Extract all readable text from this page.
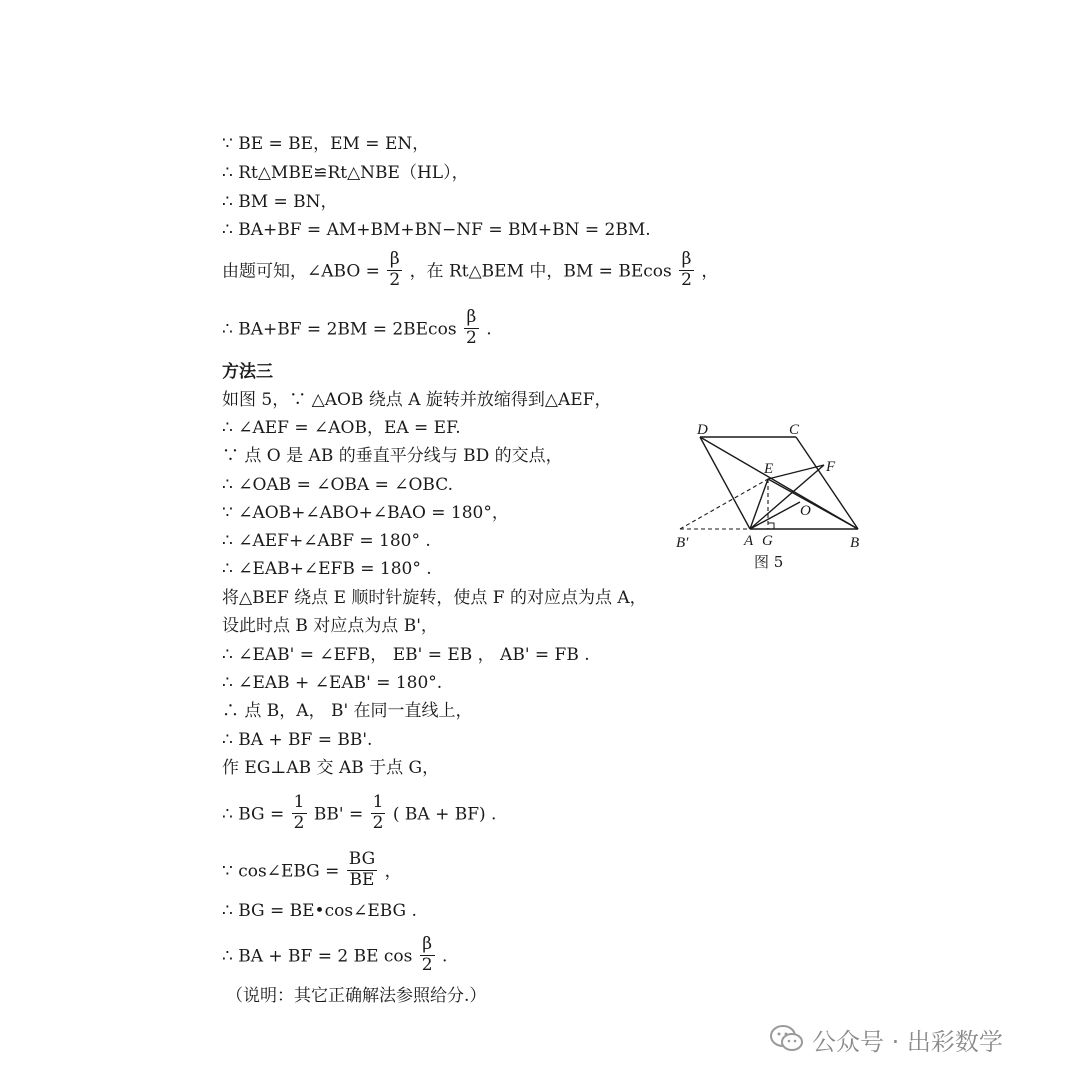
∵ BE = BE，EM = EN，
∴ Rt△MBE≌Rt△NBE（HL），
∴ BM = BN，
∴ BA+BF = AM+BM+BN−NF = BM+BN = 2BM.
由题可知，∠ABO = $\frac{\beta}{2}$ ，在 Rt△BEM 中，BM = BEcos $\frac{\beta}{2}$ ，
∴ $BA+BF = 2BM = 2BEcos \frac{\beta}{2}$ .
方法三
如图 5，∵ △AOB 绕点 A 旋转并放缩得到△AEF，
∴ ∠AEF = ∠AOB，EA = EF.
∵ 点 O 是 AB 的垂直平分线与 BD 的交点，
∴ ∠OAB = ∠OBA = ∠OBC.
∵ ∠AOB+∠ABO+∠BAO = 180°，
∴ ∠AEF+∠ABF = 180° .
∴ ∠EAB+∠EFB = 180° .
将△BEF 绕点 E 顺时针旋转，使点 F 的对应点为点 A，
设此时点 B 对应点为点 B'，
∴ ∠EAB' = ∠EFB， EB' = EB ， AB' = FB .
∴ ∠EAB + ∠EAB' = 180°.
∴ 点 B，A， B' 在同一直线上，
∴ BA + BF = BB'.
作 EG⊥AB 交 AB 于点 G，
∴ BG = $\frac{1}{2} BB' = \frac{1}{2}$ ( BA + BF) .
∵ cos∠EBG = $\frac{BG}{BE}$ ，
∴ BG = BE•cos∠EBG .
∴ BA + BF = 2 BE $\cos \frac{\beta}{2}$ .
（说明：其它正确解法参照给分.）
D	C
E	F
O
A G	B
B′
图 5
公众号 · 出彩数学
